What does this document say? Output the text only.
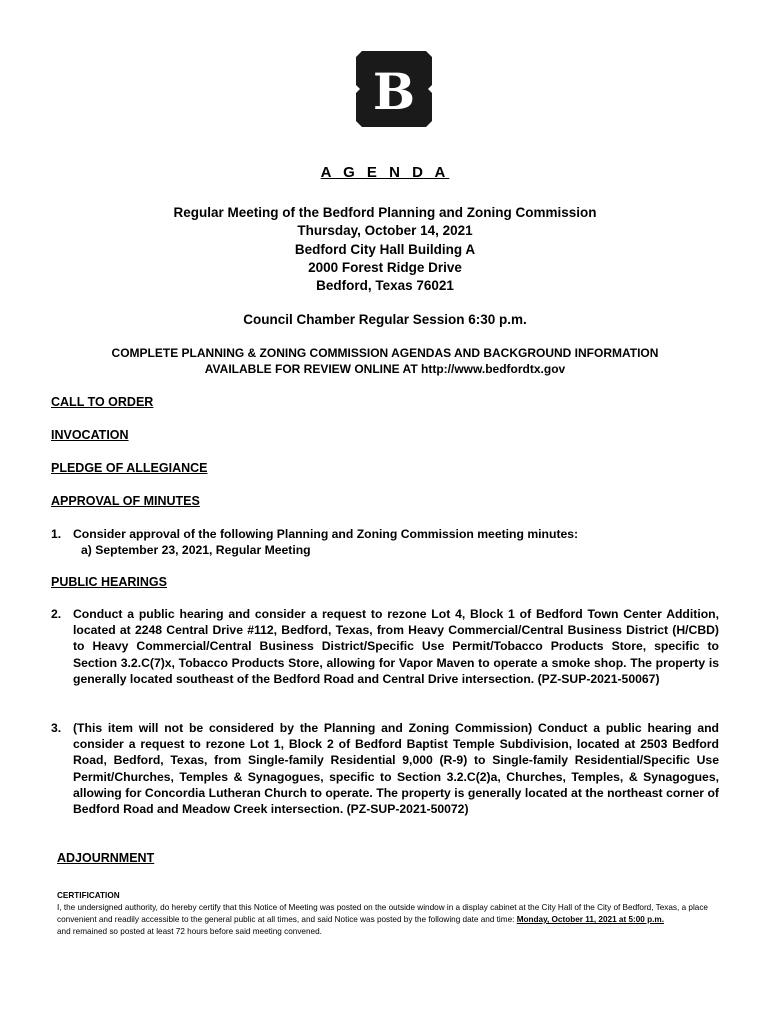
B
A G E N D A
Regular Meeting of the Bedford Planning and Zoning Commission
Thursday, October 14, 2021
Bedford City Hall Building A
2000 Forest Ridge Drive
Bedford, Texas 76021
Council Chamber Regular Session 6:30 p.m.
COMPLETE PLANNING & ZONING COMMISSION AGENDAS AND BACKGROUND INFORMATION
AVAILABLE FOR REVIEW ONLINE AT http://www.bedfordtx.gov
CALL TO ORDER
INVOCATION
PLEDGE OF ALLEGIANCE
APPROVAL OF MINUTES
1. Consider approval of the following Planning and Zoning Commission meeting minutes:
a) September 23, 2021, Regular Meeting
PUBLIC HEARINGS
2. Conduct a public hearing and consider a request to rezone Lot 4, Block 1 of Bedford Town Center Addition, located at 2248 Central Drive #112, Bedford, Texas, from Heavy Commercial/Central Business District (H/CBD) to Heavy Commercial/Central Business District/Specific Use Permit/Tobacco Products Store, specific to Section 3.2.C(7)x, Tobacco Products Store, allowing for Vapor Maven to operate a smoke shop. The property is generally located southeast of the Bedford Road and Central Drive intersection. (PZ-SUP-2021-50067)
3. (This item will not be considered by the Planning and Zoning Commission) Conduct a public hearing and consider a request to rezone Lot 1, Block 2 of Bedford Baptist Temple Subdivision, located at 2503 Bedford Road, Bedford, Texas, from Single-family Residential 9,000 (R-9) to Single-family Residential/Specific Use Permit/Churches, Temples & Synagogues, specific to Section 3.2.C(2)a, Churches, Temples, & Synagogues, allowing for Concordia Lutheran Church to operate. The property is generally located at the northeast corner of Bedford Road and Meadow Creek intersection. (PZ-SUP-2021-50072)
ADJOURNMENT
CERTIFICATION
I, the undersigned authority, do hereby certify that this Notice of Meeting was posted on the outside window in a display cabinet at the City Hall of the City of Bedford, Texas, a place convenient and readily accessible to the general public at all times, and said Notice was posted by the following date and time: Monday, October 11, 2021 at 5:00 p.m.
and remained so posted at least 72 hours before said meeting convened.
